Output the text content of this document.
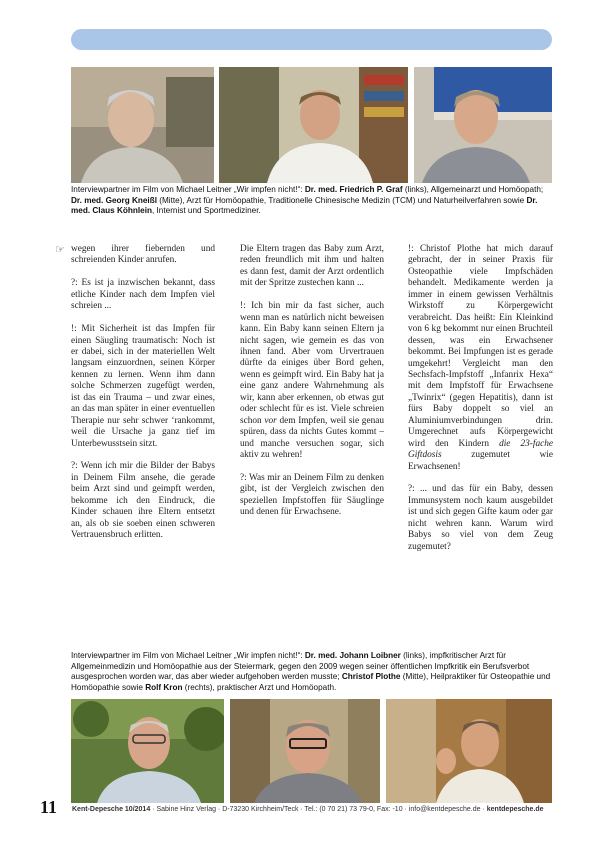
Interviewpartner im Film von Michael Leitner „Wir impfen nicht!“: Dr. med. Friedrich P. Graf (links), Allgemeinarzt und Homöopath; Dr. med. Georg Kneißl (Mitte), Arzt für Homöopathie, Traditionelle Chinesische Medizin (TCM) und Naturheilverfahren sowie Dr. med. Claus Köhnlein, Internist und Sportmediziner.
☞ wegen ihrer fiebernden und schreienden Kinder anrufen.

?: Es ist ja inzwischen bekannt, dass etliche Kinder nach dem Impfen viel schreien ...

!: Mit Sicherheit ist das Impfen für einen Säugling traumatisch: Noch ist er dabei, sich in der materiellen Welt langsam einzuordnen, seinen Körper kennen zu lernen. Wenn ihm dann solche Schmerzen zugefügt werden, ist das ein Trauma – und zwar eines, an das man später in einer eventuellen Therapie nur sehr schwer ‘rankommt, weil die Ursache ja ganz tief im Unterbewusstsein sitzt.

?: Wenn ich mir die Bilder der Babys in Deinem Film ansehe, die gerade beim Arzt sind und geimpft werden, bekomme ich den Eindruck, die Kinder schauen ihre Eltern entsetzt an, als ob sie soeben einen schweren Vertrauensbruch erlitten.

Die Eltern tragen das Baby zum Arzt, reden freundlich mit ihm und halten es dann fest, damit der Arzt ordentlich mit der Spritze zustechen kann ...

!: Ich bin mir da fast sicher, auch wenn man es natürlich nicht beweisen kann. Ein Baby kann seinen Eltern ja nicht sagen, wie gemein es das von ihnen fand. Aber vom Urvertrauen dürfte da einiges über Bord gehen, wenn es geimpft wird. Ein Baby hat ja eine ganz andere Wahrnehmung als wir, kann aber erkennen, ob etwas gut oder schlecht für es ist. Viele schreien schon vor dem Impfen, weil sie genau spüren, dass da nichts Gutes kommt – und manche versuchen sogar, sich aktiv zu wehren!

?: Was mir an Deinem Film zu denken gibt, ist der Vergleich zwischen den speziellen Impfstoffen für Säuglinge und denen für Erwachsene.

!: Christof Plothe hat mich darauf gebracht, der in seiner Praxis für Osteopathie viele Impfschäden behandelt. Medikamente werden ja immer in einem gewissen Verhältnis Wirkstoff zu Körpergewicht verabreicht. Das heißt: Ein Kleinkind von 6 kg bekommt nur einen Bruchteil dessen, was ein Erwachsener bekommt. Bei Impfungen ist es gerade umgekehrt! Vergleicht man den Sechsfach-Impfstoff „Infanrix Hexa“ mit dem Impfstoff für Erwachsene „Twinrix“ (gegen Hepatitis), dann ist fürs Baby doppelt so viel an Aluminiumverbindungen drin. Umgerechnet aufs Körpergewicht wird den Kindern die 23-fache Giftdosis zugemutet wie Erwachsenen!

?: ... und das für ein Baby, dessen Immunsystem noch kaum ausgebildet ist und sich gegen Gifte kaum oder gar nicht wehren kann. Warum wird Babys so viel von dem Zeug zugemutet?

Interviewpartner im Film von Michael Leitner „Wir impfen nicht!“: Dr. med. Johann Loibner (links), impfkritischer Arzt für Allgemeinmedizin und Homöopathie aus der Steiermark, gegen den 2009 wegen seiner öffentlichen Impfkritik ein Berufsverbot ausgesprochen worden war, das aber wieder aufgehoben werden musste; Christof Plothe (Mitte), Heilpraktiker für Osteopathie und Homöopathie sowie Rolf Kron (rechts), praktischer Arzt und Homöopath.
11 Kent-Depesche 10/2014 · Sabine Hinz Verlag · D-73230 Kirchheim/Teck · Tel.: (0 70 21) 73 79-0, Fax: -10 · info@kentdepesche.de · kentdepesche.de
